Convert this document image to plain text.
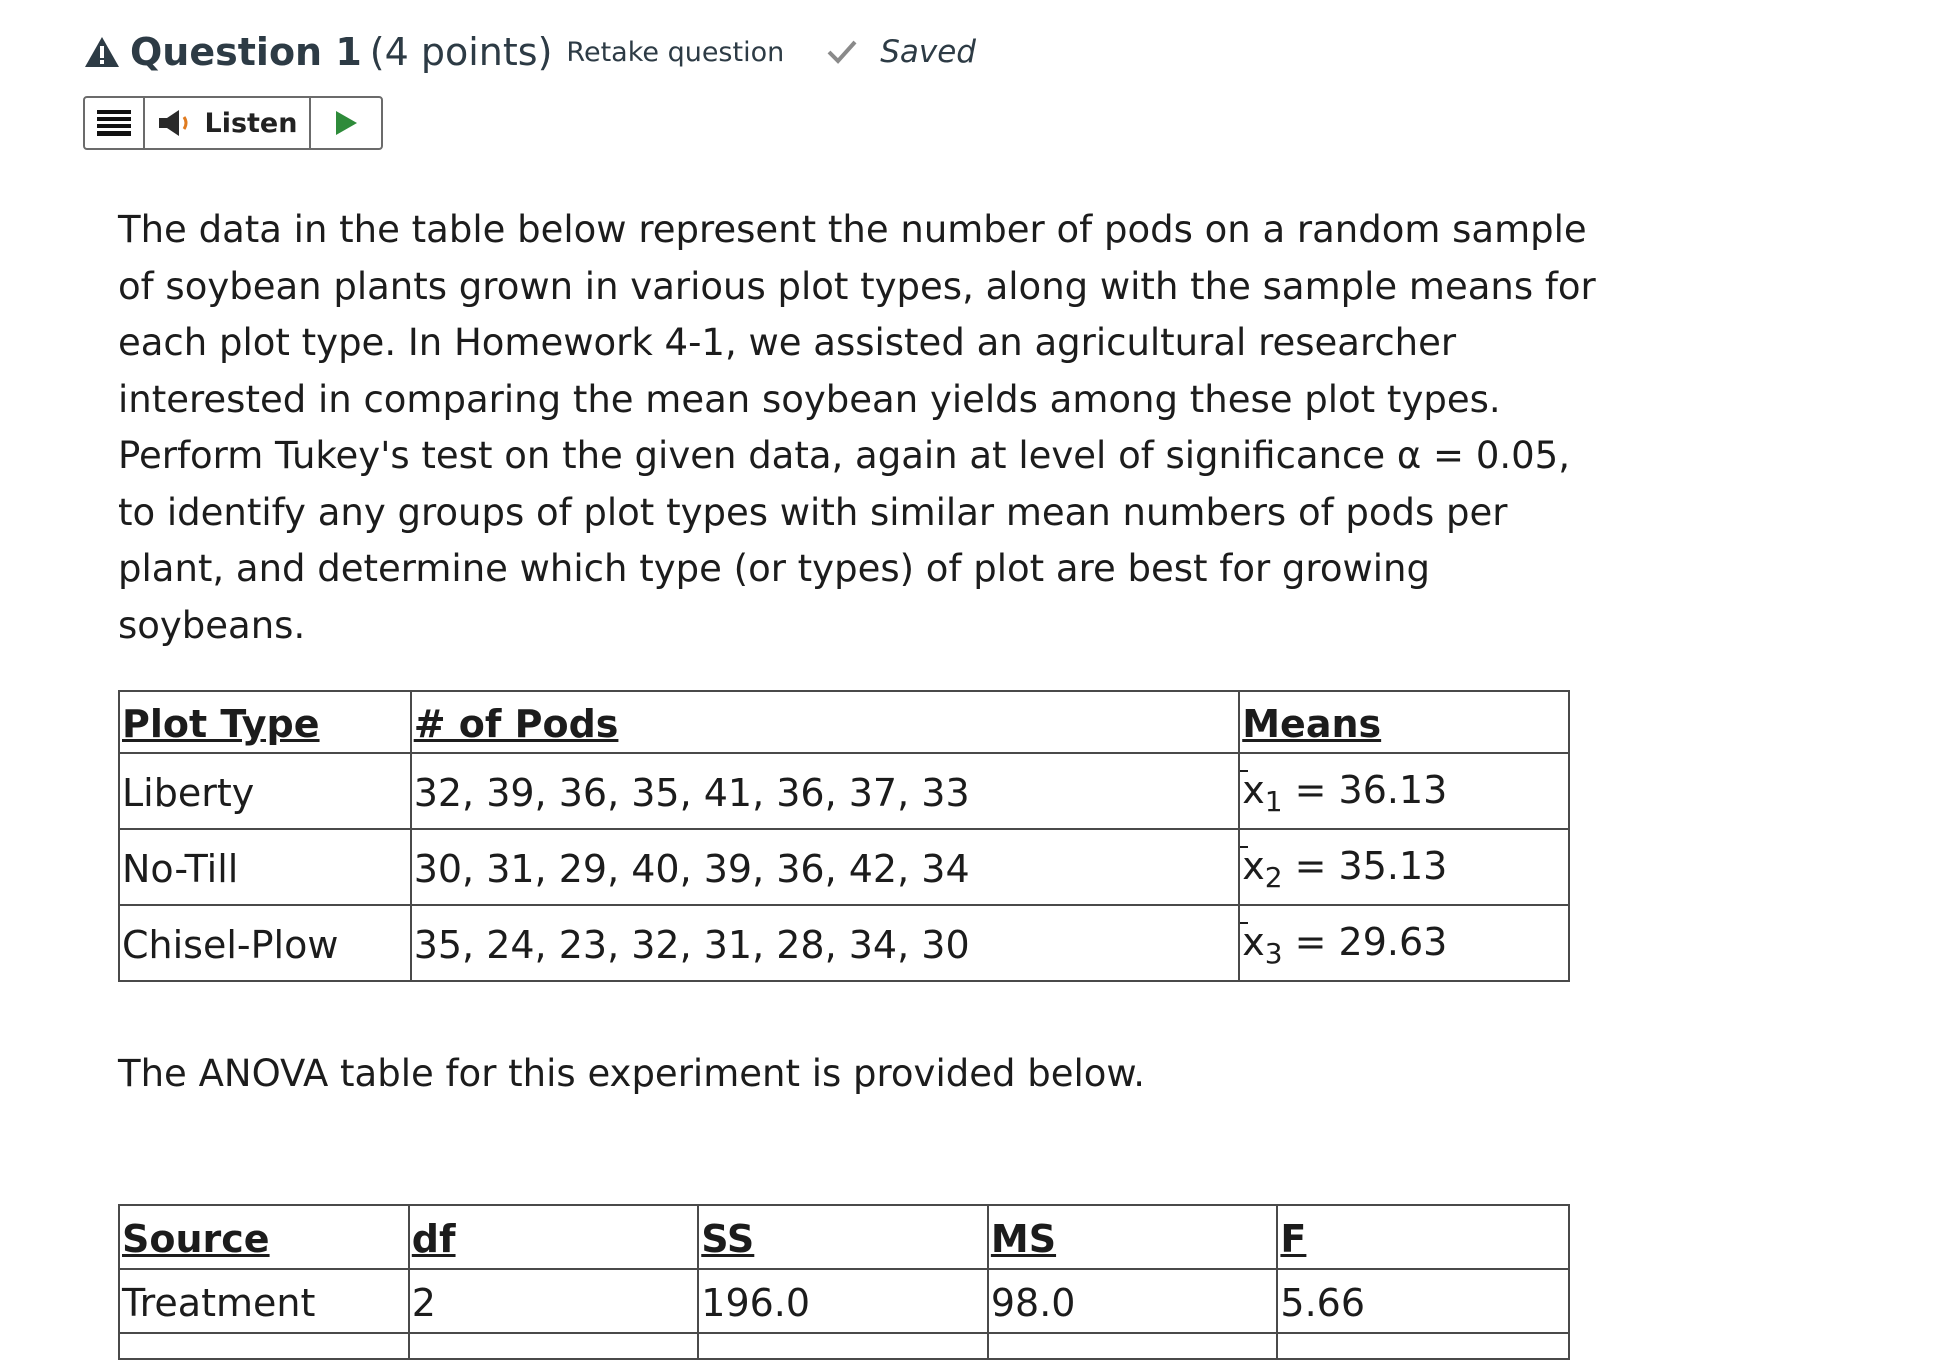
Question 1 (4 points) Retake question	Saved
Listen

The data in the table below represent the number of pods on a random sample of soybean plants grown in various plot types, along with the sample means for each plot type. In Homework 4-1, we assisted an agricultural researcher interested in comparing the mean soybean yields among these plot types. Perform Tukey's test on the given data, again at level of significance α = 0.05, to identify any groups of plot types with similar mean numbers of pods per plant, and determine which type (or types) of plot are best for growing soybeans.

Plot Type	# of Pods	Means
Liberty	32, 39, 36, 35, 41, 36, 37, 33	$x_1 = 36.13$
No-Till	30, 31, 29, 40, 39, 36, 42, 34	$x_2 = 35.13$
Chisel-Plow	35, 24, 23, 32, 31, 28, 34, 30	$x_3 = 29.63$
The ANOVA table for this experiment is provided below.
Source	df	SS	MS	F
Treatment	2	196.0	98.0	5.66
